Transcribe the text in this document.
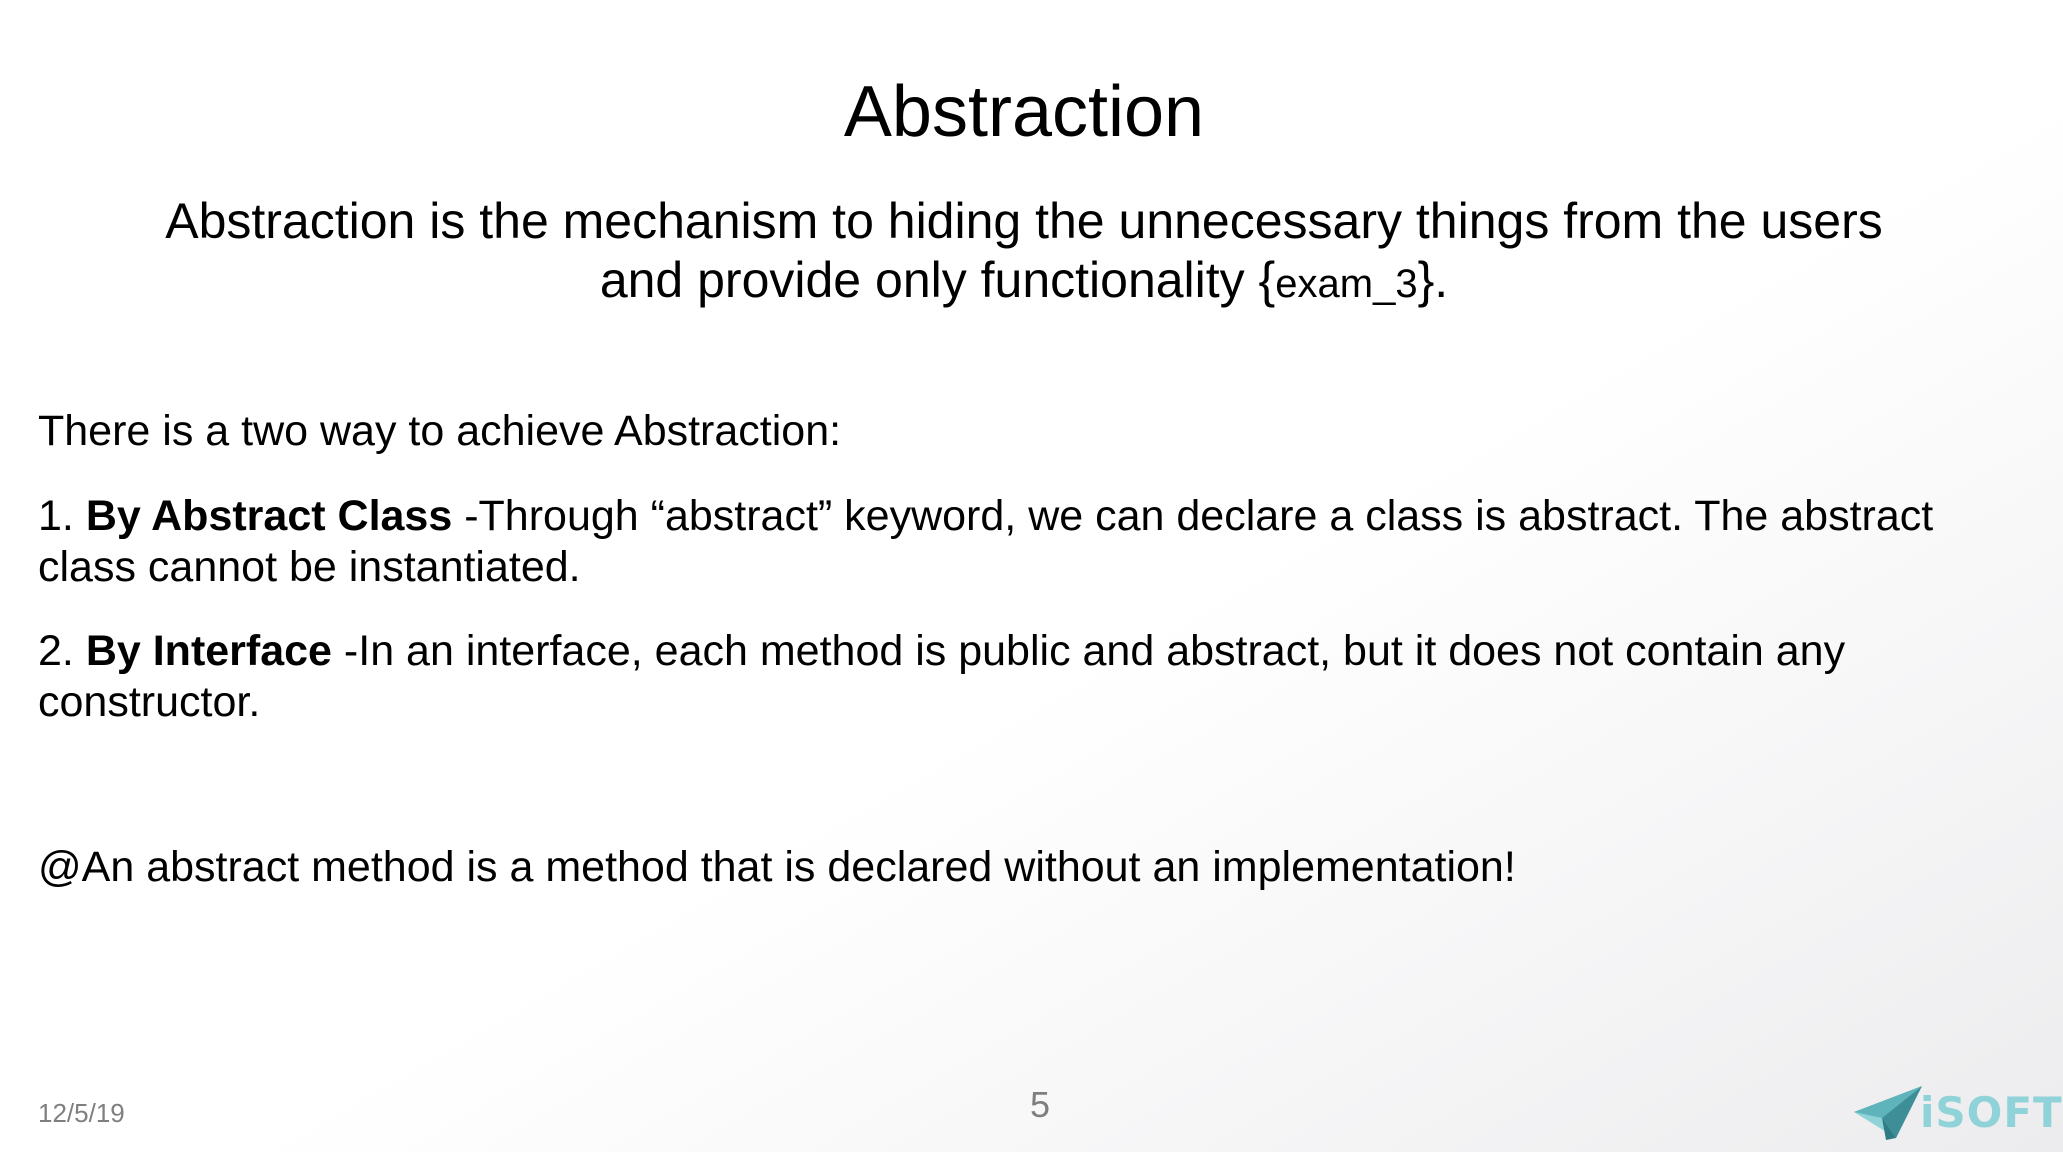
Abstraction

Abstraction is the mechanism to hiding the unnecessary things from the users and provide only functionality {exam_3}.

There is a two way to achieve Abstraction:

1. By Abstract Class -Through “abstract” keyword, we can declare a class is abstract. The abstract class cannot be instantiated.

2. By Interface -In an interface, each method is public and abstract, but it does not contain any constructor.

@An abstract method is a method that is declared without an implementation!

12/5/19	5	iSOFT
